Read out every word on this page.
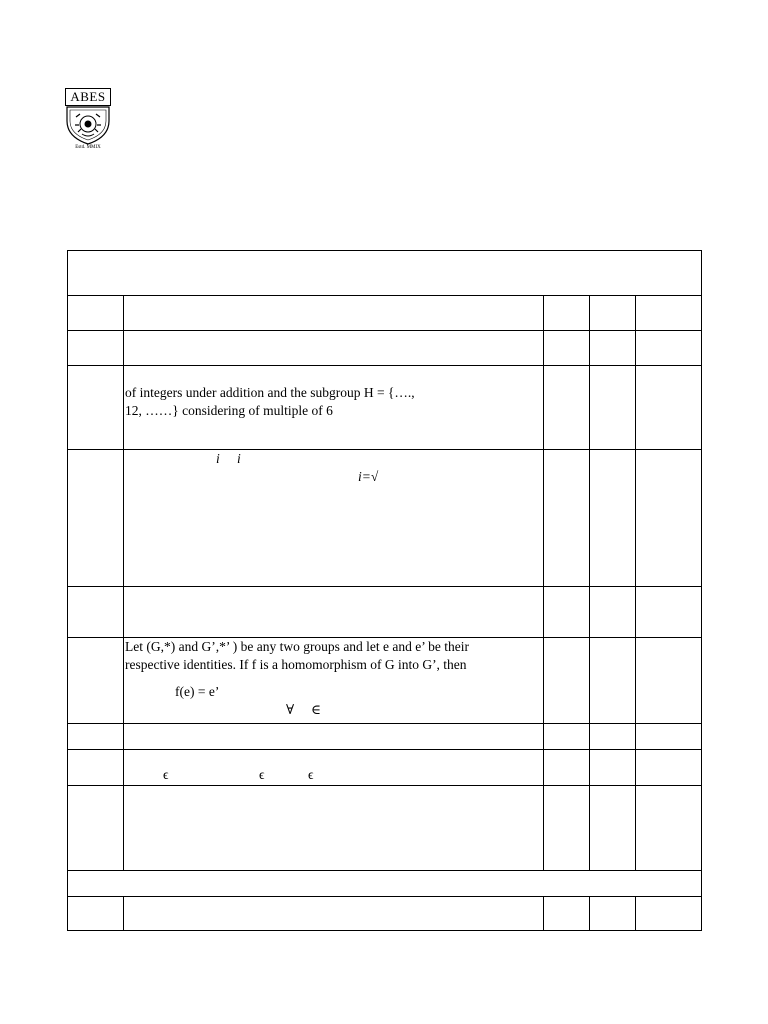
ABES
Estd. MMIX

	of integers under addition and the subgroup H = {….,
12, ……} considering of multiple of 6			

	i i
i=√			

	Let (G,*) and G’,*’ ) be any two groups and let e and e’ be their
respective identities. If f is a homomorphism of G into G’, then
f(e) = e’
∀ ∈			

	ϵ ϵ ϵ			
